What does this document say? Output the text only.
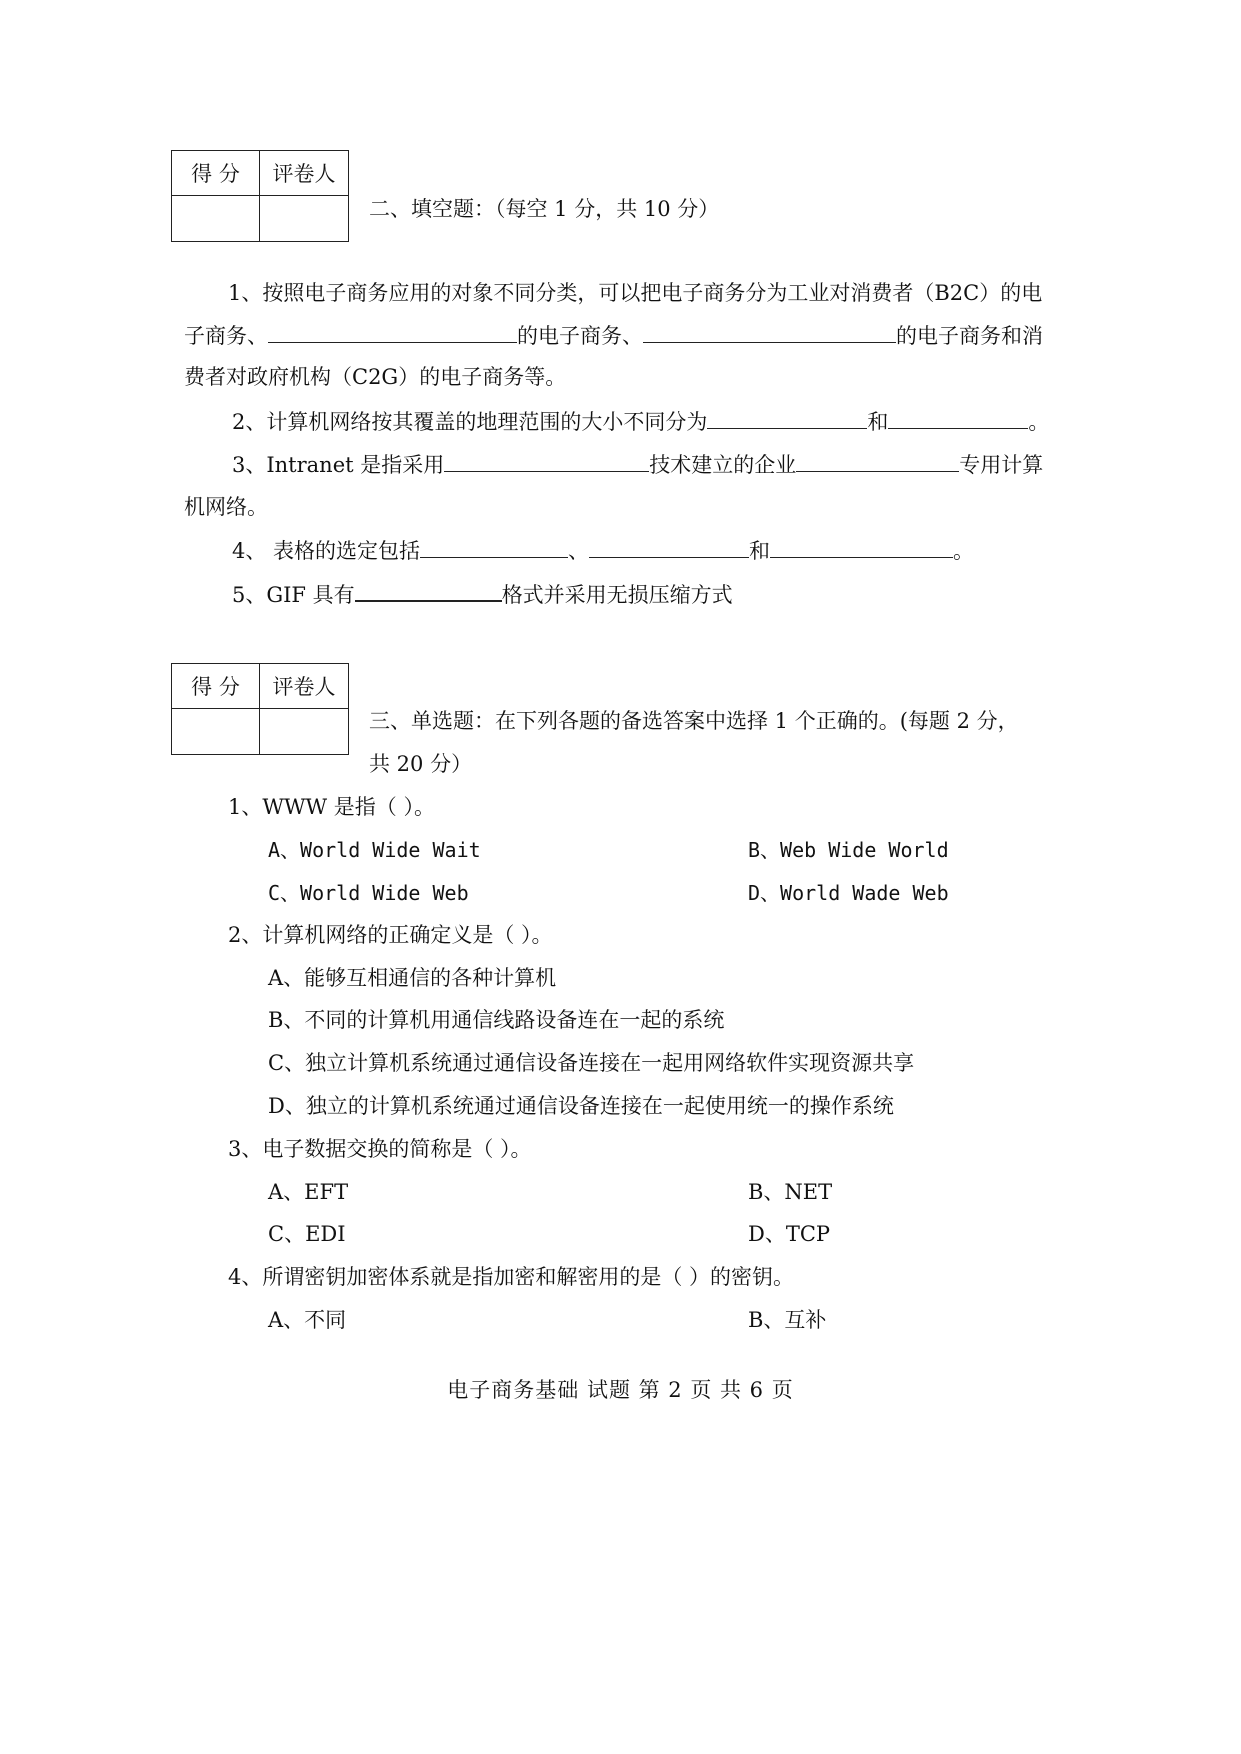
得 分	评卷人

二、填空题：（每空 1 分，共 10 分）
1、按照电子商务应用的对象不同分类，可以把电子商务分为工业对消费者（B2C）的电
子商务、	的电子商务、	的电子商务和消
费者对政府机构（C2G）的电子商务等。
2、计算机网络按其覆盖的地理范围的大小不同分为	和	。
3、Intranet 是指采用	技术建立的企业	专用计算
机网络。
4、 表格的选定包括	、	和	。
5、GIF 具有	格式并采用无损压缩方式
得 分	评卷人

三、单选题：在下列各题的备选答案中选择 1 个正确的。(每题 2 分，
共 20 分）
1、WWW 是指（ ）。
A、World Wide Wait	B、Web Wide World
C、World Wide Web	D、World Wade Web
2、计算机网络的正确定义是（ ）。
A、能够互相通信的各种计算机
B、不同的计算机用通信线路设备连在一起的系统
C、独立计算机系统通过通信设备连接在一起用网络软件实现资源共享
D、独立的计算机系统通过通信设备连接在一起使用统一的操作系统
3、电子数据交换的简称是（ ）。
A、EFT	B、NET
C、EDI	D、TCP
4、所谓密钥加密体系就是指加密和解密用的是（ ）的密钥。
A、不同	B、互补
电子商务基础 试题 第 2 页 共 6 页
